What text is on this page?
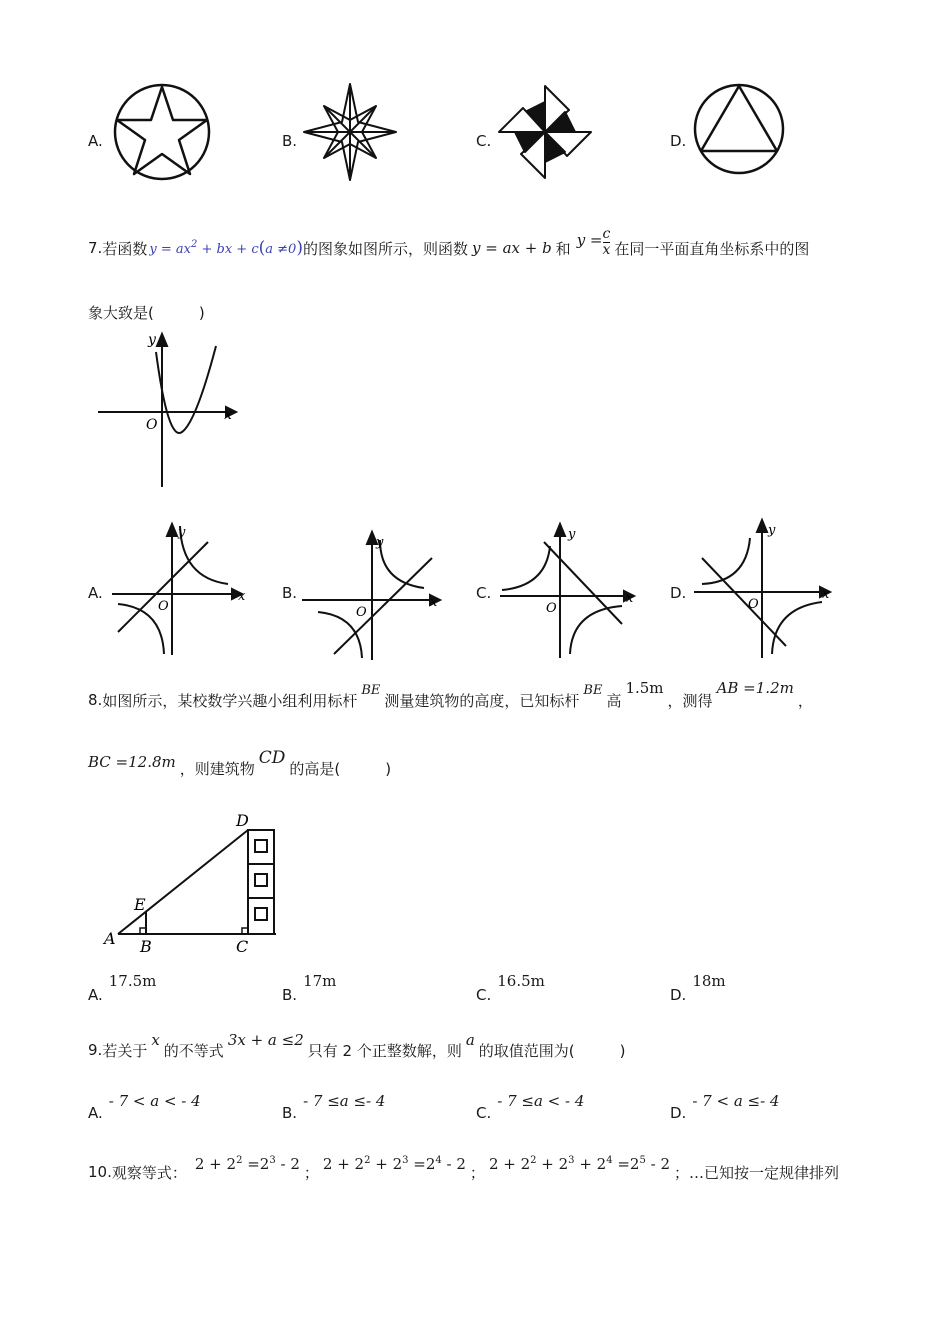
A.	B.	C.	D.
7. 若函数 $y = ax^2$ + bx + c(a ≠0) 的图象如图所示，则函数 y = ax + b 和 $y = \frac{c}{x}$ 在同一平面直角坐标系中的图
象大致是(　　　)
y
x
O
A.
y
x
O
B.
y
x
O
C.
y
x
O
D.
y
x
O
8. 如图所示，某校数学兴趣小组利用标杆
BE
测量建筑物的高度，已知标杆
BE
高
1.5m
，测得
AB =1.2m
，
BC =12.8m ，则建筑物
CD
的高是(　　　)
D
E
A B	C
A.
17.5m
B.
17m
C.
16.5m
D.
18m
9. 若关于
x
的不等式
3x + a ≤2
只有 2 个正整数解，则
a
的取值范围为(　　　)
A.
- 7 < a < - 4
B.
- 7 ≤a ≤- 4
C.
- 7 ≤a < - 4
D.
- 7 < a ≤- 4
10. 观察等式： $2 + 2^2 =2^3 - 2$ ； $2 + 2^2 + 2^3 =2^4 - 2$ ； $2 + 2^2 + 2^3 + 2^4 =2^5 - 2$ ；…已知按一定规律排列
